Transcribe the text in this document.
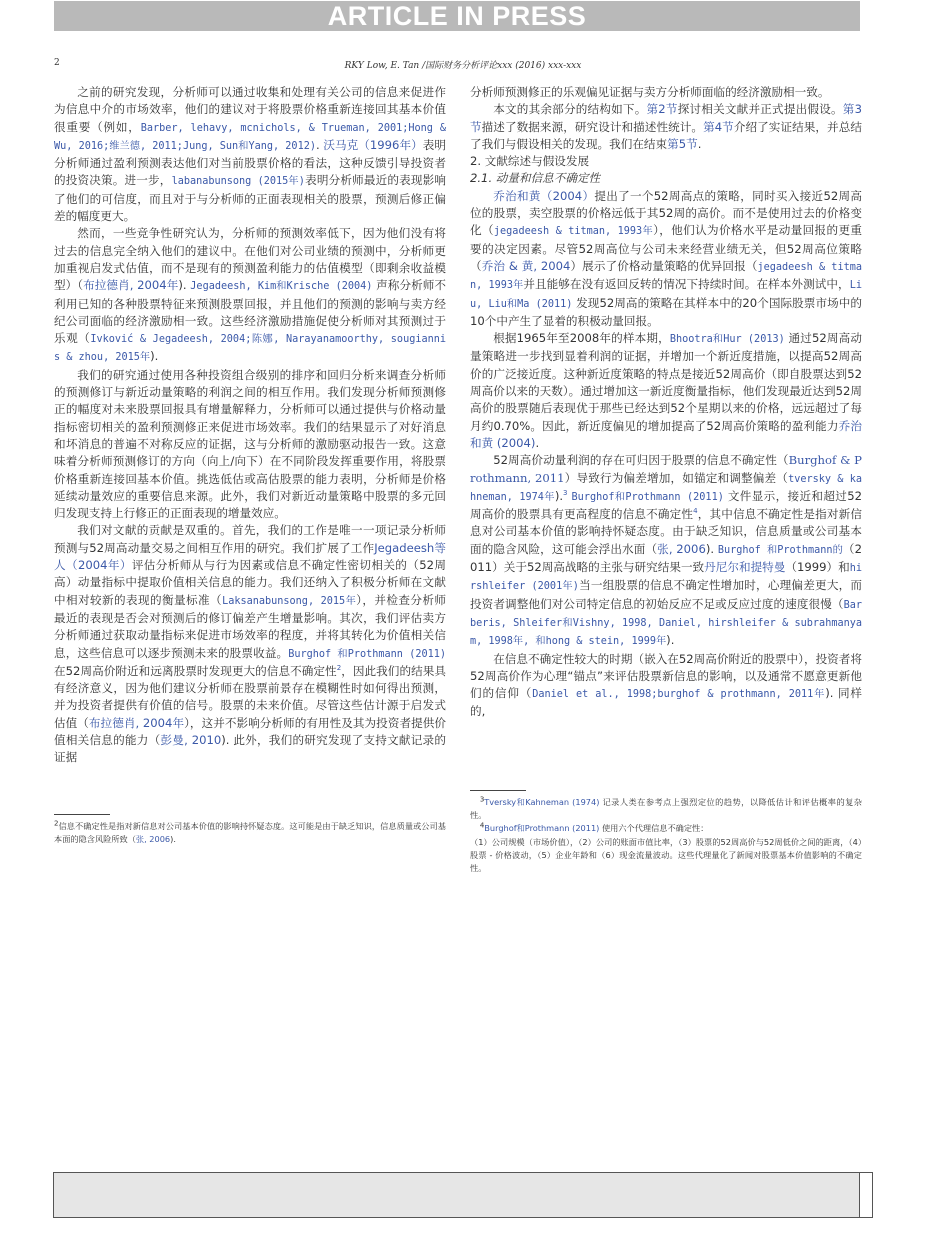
ARTICLE IN PRESS
2	RKY Low, E. Tan /国际财务分析评论xxx (2016) xxx-xxx

之前的研究发现，分析师可以通过收集和处理有关公司的信息来促进作为信息中介的市场效率，他们的建议对于将股票价格重新连接回其基本价值很重要（例如，Barber, lehavy, mcnichols, & Trueman, 2001;Hong & Wu, 2016;维兰德, 2011;Jung, Sun和Yang, 2012). 沃马克（1996年）表明分析师通过盈利预测表达他们对当前股票价格的看法，这种反馈引导投资者的投资决策。进一步，labanabunsong (2015年)表明分析师最近的表现影响了他们的可信度，而且对于与分析师的正面表现相关的股票，预测后修正偏差的幅度更大。

然而，一些竞争性研究认为，分析师的预测效率低下，因为他们没有将过去的信息完全纳入他们的建议中。在他们对公司业绩的预测中，分析师更加重视启发式估值，而不是现有的预测盈利能力的估值模型（即剩余收益模型）（布拉德肖, 2004年). Jegadeesh, Kim和Krische (2004) 声称分析师不利用已知的各种股票特征来预测股票回报，并且他们的预测的影响与卖方经纪公司面临的经济激励相一致。这些经济激励措施促使分析师对其预测过于乐观（Ivković & Jegadeesh, 2004;陈娜, Narayanamoorthy, sougiannis & zhou, 2015年).

我们的研究通过使用各种投资组合级别的排序和回归分析来调查分析师的预测修订与新近动量策略的利润之间的相互作用。我们发现分析师预测修正的幅度对未来股票回报具有增量解释力，分析师可以通过提供与价格动量指标密切相关的盈利预测修正来促进市场效率。我们的结果显示了对好消息和坏消息的普遍不对称反应的证据，这与分析师的激励驱动报告一致。这意味着分析师预测修订的方向（向上/向下）在不同阶段发挥重要作用，将股票价格重新连接回基本价值。挑选低估或高估股票的能力表明，分析师是价格延续动量效应的重要信息来源。此外，我们对新近动量策略中股票的多元回归发现支持上行修正的正面表现的增量效应。

我们对文献的贡献是双重的。首先，我们的工作是唯一一项记录分析师预测与52周高动量交易之间相互作用的研究。我们扩展了工作Jegadeesh等人（2004年）评估分析师从与行为因素或信息不确定性密切相关的（52周高）动量指标中提取价值相关信息的能力。我们还纳入了积极分析师在文献中相对较新的表现的衡量标准（Laksanabunsong, 2015年），并检查分析师最近的表现是否会对预测后的修订偏差产生增量影响。其次，我们评估卖方分析师通过获取动量指标来促进市场效率的程度，并将其转化为价值相关信息，这些信息可以逐步预测未来的股票收益。Burghof 和Prothmann (2011) 在52周高价附近和远离股票时发现更大的信息不确定性$^2$，因此我们的结果具有经济意义，因为他们建议分析师在股票前景存在模糊性时如何得出预测，并为投资者提供有价值的信号。股票的未来价值。尽管这些估计源于启发式估值（布拉德肖, 2004年），这并不影响分析师的有用性及其为投资者提供价值相关信息的能力（彭曼, 2010). 此外，我们的研究发现了支持文献记录的证据

$^2$信息不确定性是指对新信息对公司基本价值的影响持怀疑态度。这可能是由于缺乏知识，信息质量或公司基本面的隐含风险所致（张, 2006).

分析师预测修正的乐观偏见证据与卖方分析师面临的经济激励相一致。

本文的其余部分的结构如下。第2节探讨相关文献并正式提出假设。第3节描述了数据来源，研究设计和描述性统计。第4节介绍了实证结果，并总结了我们与假设相关的发现。我们在结束第5节.

2. 文献综述与假设发展

2.1. 动量和信息不确定性

乔治和黄（2004）提出了一个52周高点的策略，同时买入接近52周高位的股票，卖空股票的价格远低于其52周的高价。而不是使用过去的价格变化（jegadeesh & titman, 1993年），他们认为价格水平是动量回报的更重要的决定因素。尽管52周高位与公司未来经营业绩无关，但52周高位策略（乔治 & 黄, 2004）展示了价格动量策略的优异回报（jegadeesh & titman, 1993年并且能够在没有返回反转的情况下持续时间。在样本外测试中，Liu, Liu和Ma (2011) 发现52周高的策略在其样本中的20个国际股票市场中的10个中产生了显着的积极动量回报。

根据1965年至2008年的样本期，Bhootra和Hur (2013) 通过52周高动量策略进一步找到显着利润的证据，并增加一个新近度措施，以提高52周高价的广泛接近度。这种新近度策略的特点是接近52周高价（即自股票达到52周高价以来的天数）。通过增加这一新近度衡量指标，他们发现最近达到52周高价的股票随后表现优于那些已经达到52个星期以来的价格，远远超过了每月约0.70%。因此，新近度偏见的增加提高了52周高价策略的盈利能力乔治和黄 (2004).

52周高价动量利润的存在可归因于股票的信息不确定性（Burghof & Prothmann, 2011）导致行为偏差增加，如锚定和调整偏差（tversky & kahneman, 1974年).$^3$ Burghof和Prothmann (2011) 文件显示，接近和超过52周高价的股票具有更高程度的信息不确定性$^4$，其中信息不确定性是指对新信息对公司基本价值的影响持怀疑态度。由于缺乏知识，信息质量或公司基本面的隐含风险，这可能会浮出水面（张, 2006). Burghof 和Prothmann的（2011）关于52周高战略的主张与研究结果一致丹尼尔和提特曼（1999）和hirshleifer (2001年)当一组股票的信息不确定性增加时，心理偏差更大，而投资者调整他们对公司特定信息的初始反应不足或反应过度的速度很慢（Barberis, Shleifer和Vishny, 1998, Daniel, hirshleifer & subrahmanyam, 1998年, 和hong & stein, 1999年).

在信息不确定性较大的时期（嵌入在52周高价附近的股票中），投资者将52周高价作为心理“锚点”来评估股票新信息的影响，以及通常不愿意更新他们的信仰（Daniel et al., 1998;burghof & prothmann, 2011年). 同样的,

$^3$Tversky和Kahneman (1974) 记录人类在参考点上强烈定位的趋势，以降低估计和评估概率的复杂性。

$^4$Burghof和Prothmann (2011) 使用六个代理信息不确定性：

（1）公司规模（市场价值），（2）公司的账面市值比率，（3）股票的52周高价与52周低价之间的距离，（4）股票 - 价格波动，（5）企业年龄和（6）现金流量波动。这些代理量化了新闻对股票基本价值影响的不确定性。
